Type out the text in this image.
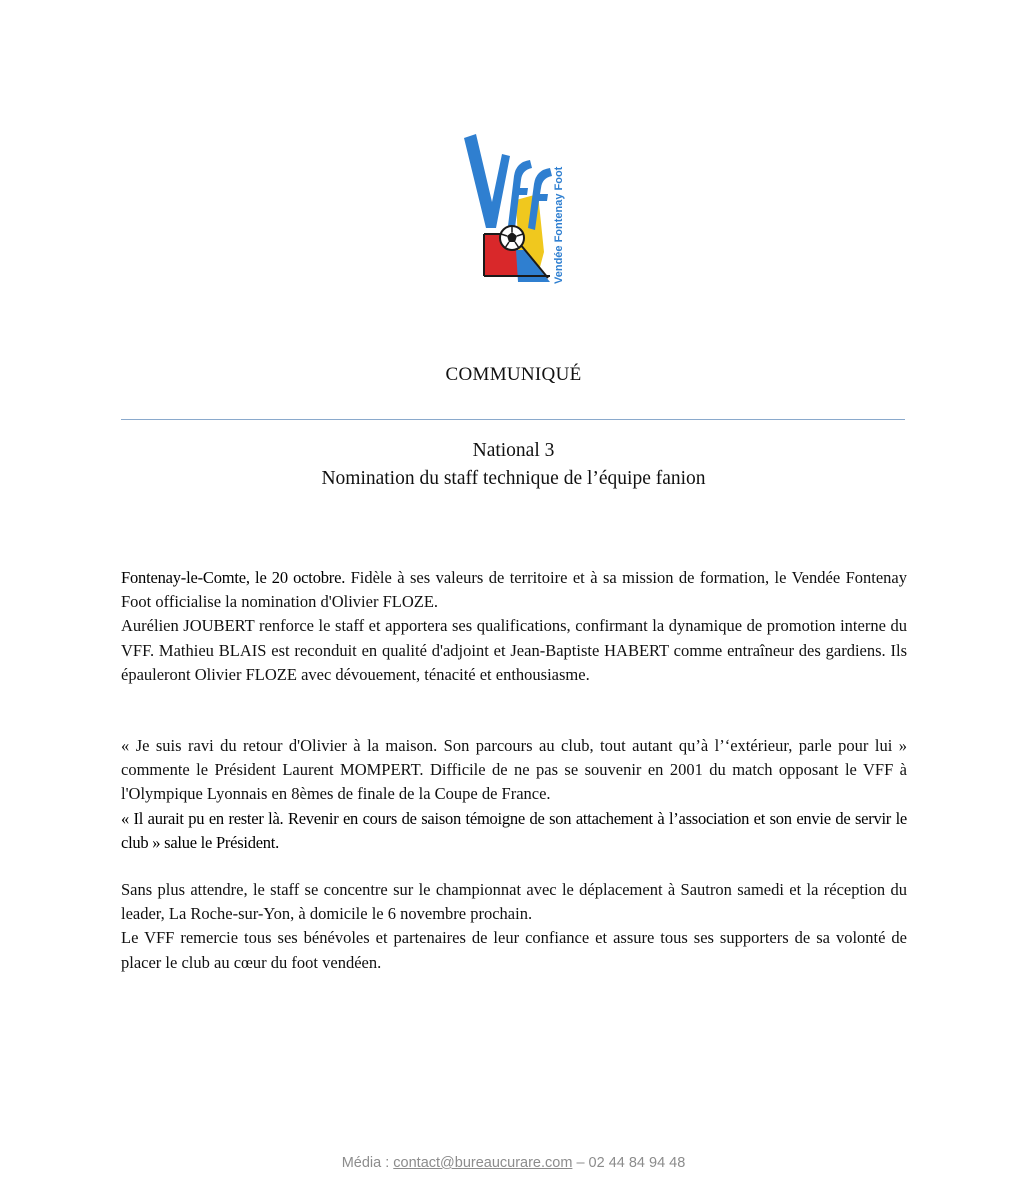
Vendée Fontenay Foot
COMMUNIQUÉ
National 3
Nomination du staff technique de l’équipe fanion

Fontenay-le-Comte, le 20 octobre. Fidèle à ses valeurs de territoire et à sa mission de formation, le Vendée Fontenay Foot officialise la nomination d'Olivier FLOZE.

Aurélien JOUBERT renforce le staff et apportera ses qualifications, confirmant la dynamique de promotion interne du VFF. Mathieu BLAIS est reconduit en qualité d'adjoint et Jean-Baptiste HABERT comme entraîneur des gardiens. Ils épauleront Olivier FLOZE avec dévouement, ténacité et enthousiasme.

« Je suis ravi du retour d'Olivier à la maison. Son parcours au club, tout autant qu’à l’‘extérieur, parle pour lui » commente le Président Laurent MOMPERT. Difficile de ne pas se souvenir en 2001 du match opposant le VFF à l'Olympique Lyonnais en 8èmes de finale de la Coupe de France.

« Il aurait pu en rester là. Revenir en cours de saison témoigne de son attachement à l’association et son envie de servir le club » salue le Président.

Sans plus attendre, le staff se concentre sur le championnat avec le déplacement à Sautron samedi et la réception du leader, La Roche-sur-Yon, à domicile le 6 novembre prochain.

Le VFF remercie tous ses bénévoles et partenaires de leur confiance et assure tous ses supporters de sa volonté de placer le club au cœur du foot vendéen.

Média : contact@bureaucurare.com – 02 44 84 94 48
